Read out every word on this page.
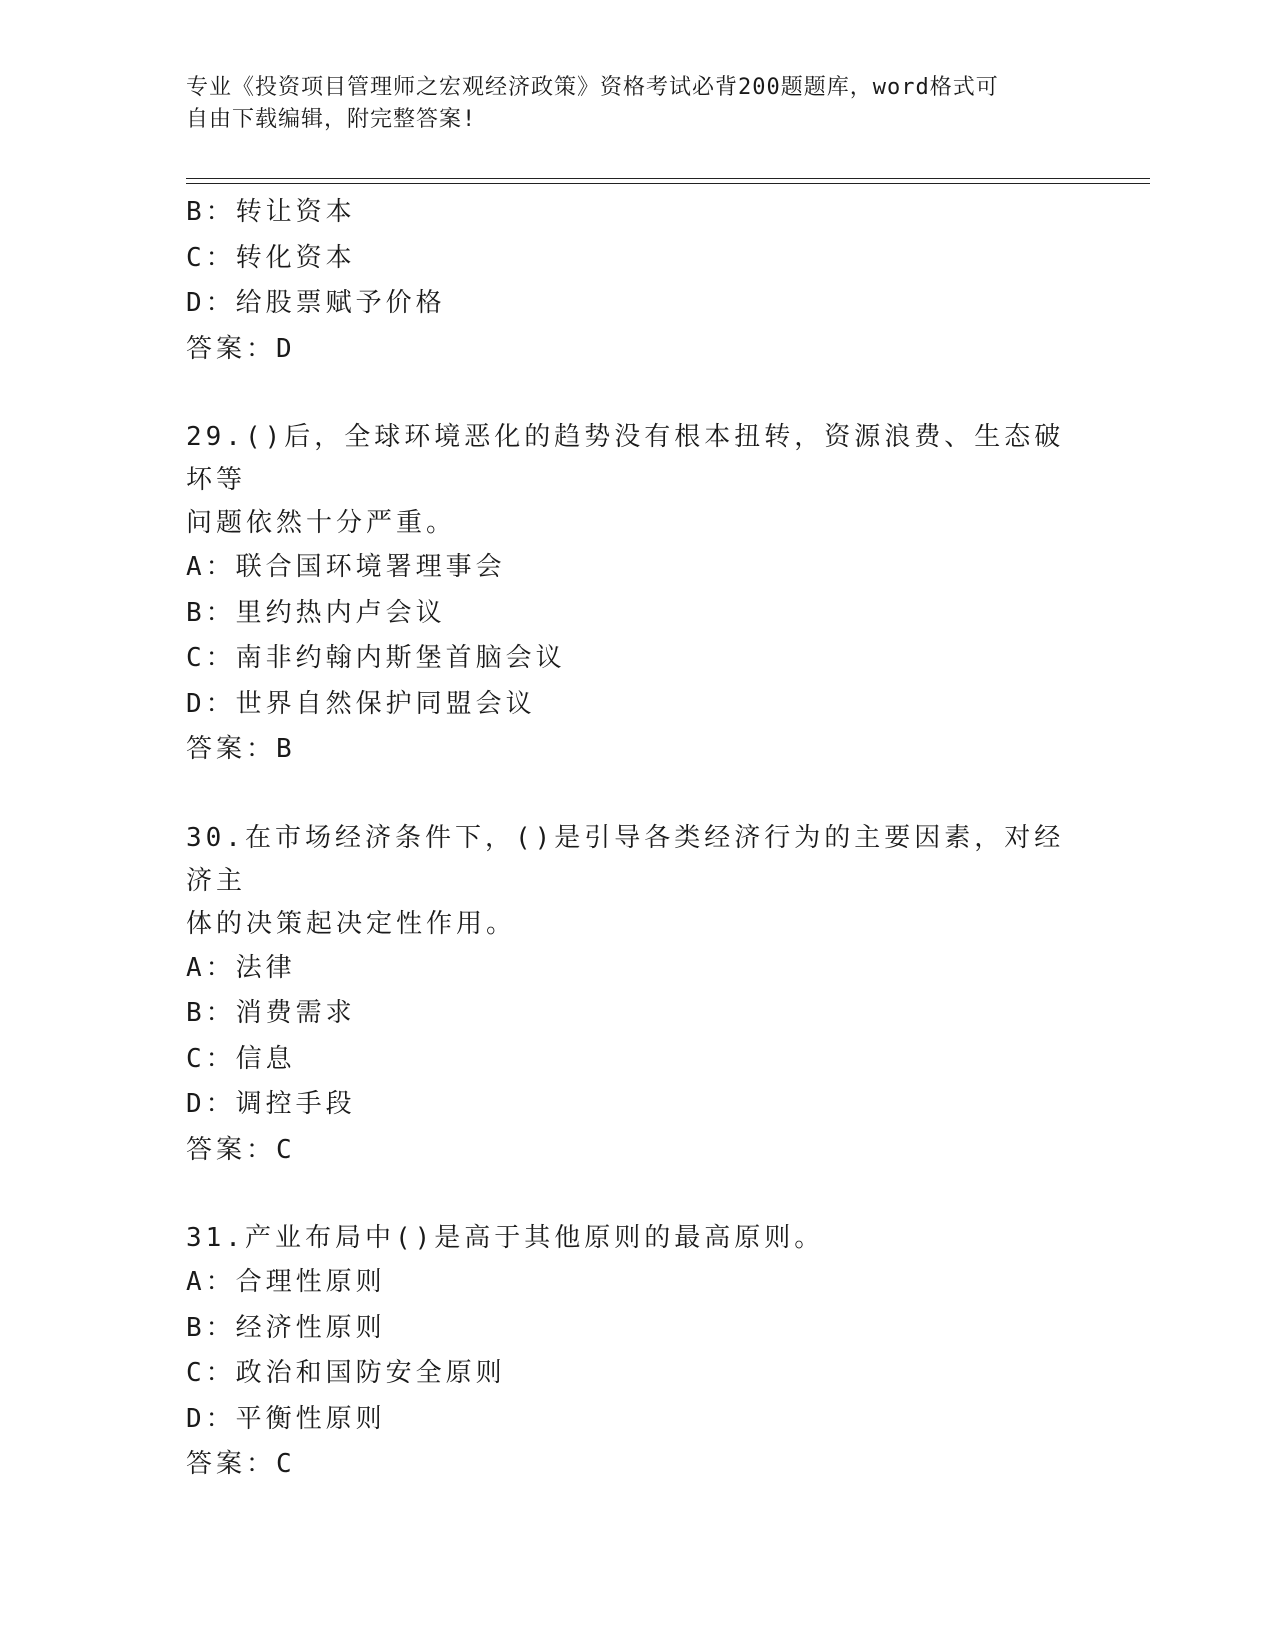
专业《投资项目管理师之宏观经济政策》资格考试必背200题题库，word格式可
自由下载编辑，附完整答案!
B：转让资本
C：转化资本
D：给股票赋予价格
答案：D
29.()后，全球环境恶化的趋势没有根本扭转，资源浪费、生态破坏等
问题依然十分严重。
A：联合国环境署理事会
B：里约热内卢会议
C：南非约翰内斯堡首脑会议
D：世界自然保护同盟会议
答案：B
30.在市场经济条件下，()是引导各类经济行为的主要因素，对经济主
体的决策起决定性作用。
A：法律
B：消费需求
C：信息
D：调控手段
答案：C
31.产业布局中()是高于其他原则的最高原则。
A：合理性原则
B：经济性原则
C：政治和国防安全原则
D：平衡性原则
答案：C
